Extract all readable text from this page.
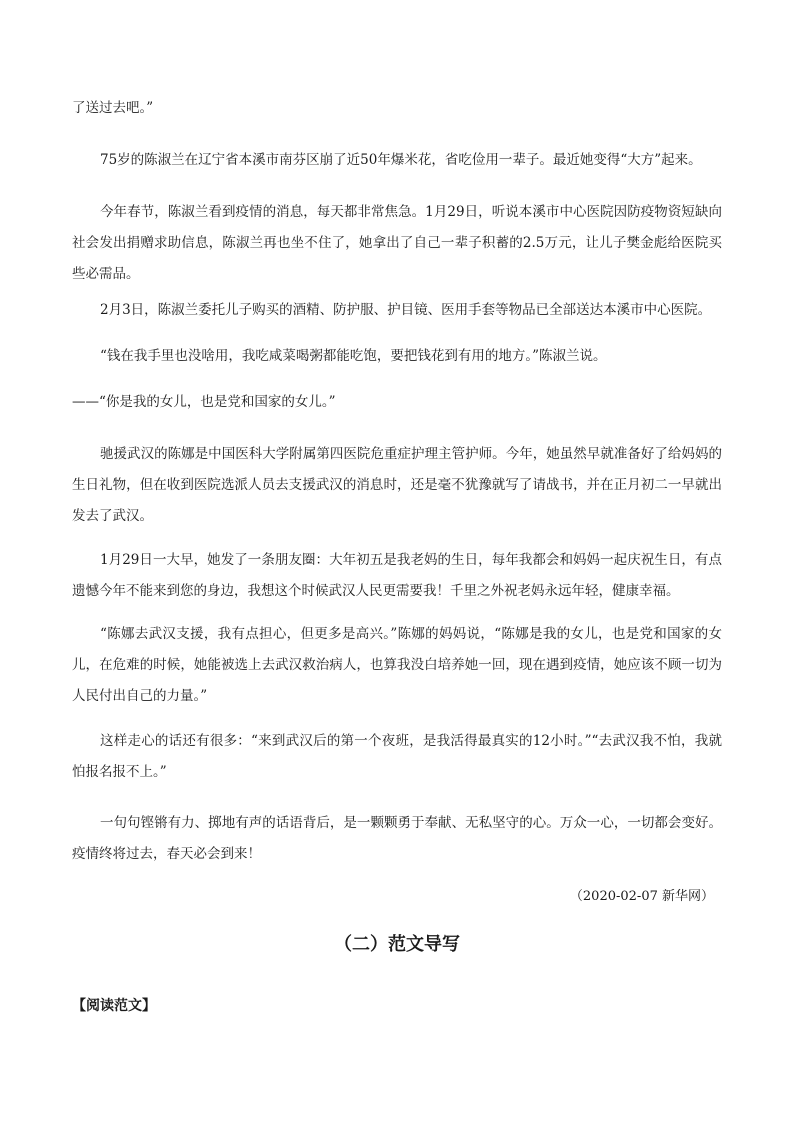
了送过去吧。”

75岁的陈淑兰在辽宁省本溪市南芬区崩了近50年爆米花，省吃俭用一辈子。最近她变得“大方”起来。

今年春节，陈淑兰看到疫情的消息，每天都非常焦急。1月29日，听说本溪市中心医院因防疫物资短缺向社会发出捐赠求助信息，陈淑兰再也坐不住了，她拿出了自己一辈子积蓄的2.5万元，让儿子樊金彪给医院买些必需品。

2月3日，陈淑兰委托儿子购买的酒精、防护服、护目镜、医用手套等物品已全部送达本溪市中心医院。

“钱在我手里也没啥用，我吃咸菜喝粥都能吃饱，要把钱花到有用的地方。”陈淑兰说。

——“你是我的女儿，也是党和国家的女儿。”

驰援武汉的陈娜是中国医科大学附属第四医院危重症护理主管护师。今年，她虽然早就准备好了给妈妈的生日礼物，但在收到医院选派人员去支援武汉的消息时，还是毫不犹豫就写了请战书，并在正月初二一早就出发去了武汉。

1月29日一大早，她发了一条朋友圈：大年初五是我老妈的生日，每年我都会和妈妈一起庆祝生日，有点遗憾今年不能来到您的身边，我想这个时候武汉人民更需要我！千里之外祝老妈永远年轻，健康幸福。

“陈娜去武汉支援，我有点担心，但更多是高兴。”陈娜的妈妈说，“陈娜是我的女儿，也是党和国家的女儿，在危难的时候，她能被选上去武汉救治病人，也算我没白培养她一回，现在遇到疫情，她应该不顾一切为人民付出自己的力量。”

这样走心的话还有很多：“来到武汉后的第一个夜班，是我活得最真实的12小时。”“去武汉我不怕，我就怕报名报不上。”

一句句铿锵有力、掷地有声的话语背后，是一颗颗勇于奉献、无私坚守的心。万众一心，一切都会变好。疫情终将过去，春天必会到来！

（2020-02-07 新华网）
（二）范文导写
【阅读范文】
